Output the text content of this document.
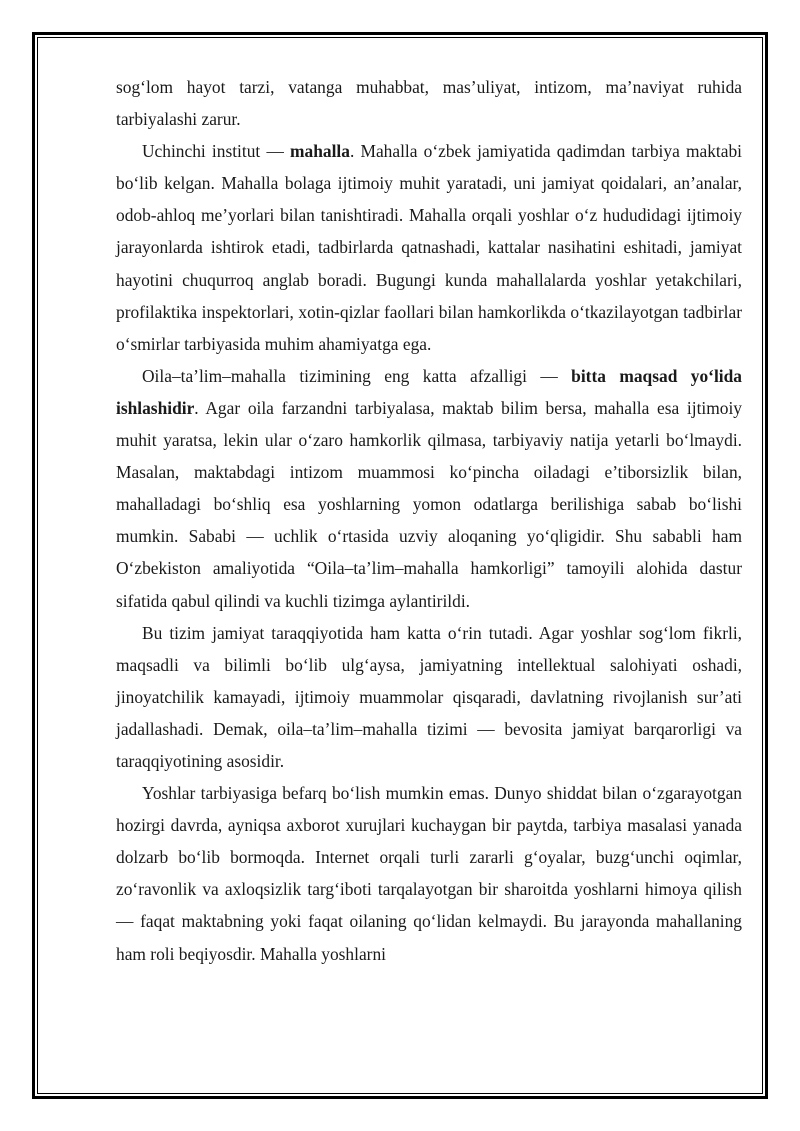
sog‘lom hayot tarzi, vatanga muhabbat, mas’uliyat, intizom, ma’naviyat ruhida tarbiyalashi zarur.

Uchinchi institut — mahalla. Mahalla o‘zbek jamiyatida qadimdan tarbiya maktabi bo‘lib kelgan. Mahalla bolaga ijtimoiy muhit yaratadi, uni jamiyat qoidalari, an’analar, odob-ahloq me’yorlari bilan tanishtiradi. Mahalla orqali yoshlar o‘z hududidagi ijtimoiy jarayonlarda ishtirok etadi, tadbirlarda qatnashadi, kattalar nasihatini eshitadi, jamiyat hayotini chuqurroq anglab boradi. Bugungi kunda mahallalarda yoshlar yetakchilari, profilaktika inspektorlari, xotin-qizlar faollari bilan hamkorlikda o‘tkazilayotgan tadbirlar o‘smirlar tarbiyasida muhim ahamiyatga ega.

Oila–ta’lim–mahalla tizimining eng katta afzalligi — bitta maqsad yo‘lida ishlashidir. Agar oila farzandni tarbiyalasa, maktab bilim bersa, mahalla esa ijtimoiy muhit yaratsa, lekin ular o‘zaro hamkorlik qilmasa, tarbiyaviy natija yetarli bo‘lmaydi. Masalan, maktabdagi intizom muammosi ko‘pincha oiladagi e’tiborsizlik bilan, mahalladagi bo‘shliq esa yoshlarning yomon odatlarga berilishiga sabab bo‘lishi mumkin. Sababi — uchlik o‘rtasida uzviy aloqaning yo‘qligidir. Shu sababli ham O‘zbekiston amaliyotida “Oila–ta’lim–mahalla hamkorligi” tamoyili alohida dastur sifatida qabul qilindi va kuchli tizimga aylantirildi.

Bu tizim jamiyat taraqqiyotida ham katta o‘rin tutadi. Agar yoshlar sog‘lom fikrli, maqsadli va bilimli bo‘lib ulg‘aysa, jamiyatning intellektual salohiyati oshadi, jinoyatchilik kamayadi, ijtimoiy muammolar qisqaradi, davlatning rivojlanish sur’ati jadallashadi. Demak, oila–ta’lim–mahalla tizimi — bevosita jamiyat barqarorligi va taraqqiyotining asosidir.

Yoshlar tarbiyasiga befarq bo‘lish mumkin emas. Dunyo shiddat bilan o‘zgarayotgan hozirgi davrda, ayniqsa axborot xurujlari kuchaygan bir paytda, tarbiya masalasi yanada dolzarb bo‘lib bormoqda. Internet orqali turli zararli g‘oyalar, buzg‘unchi oqimlar, zo‘ravonlik va axloqsizlik targ‘iboti tarqalayotgan bir sharoitda yoshlarni himoya qilish — faqat maktabning yoki faqat oilaning qo‘lidan kelmaydi. Bu jarayonda mahallaning ham roli beqiyosdir. Mahalla yoshlarni
